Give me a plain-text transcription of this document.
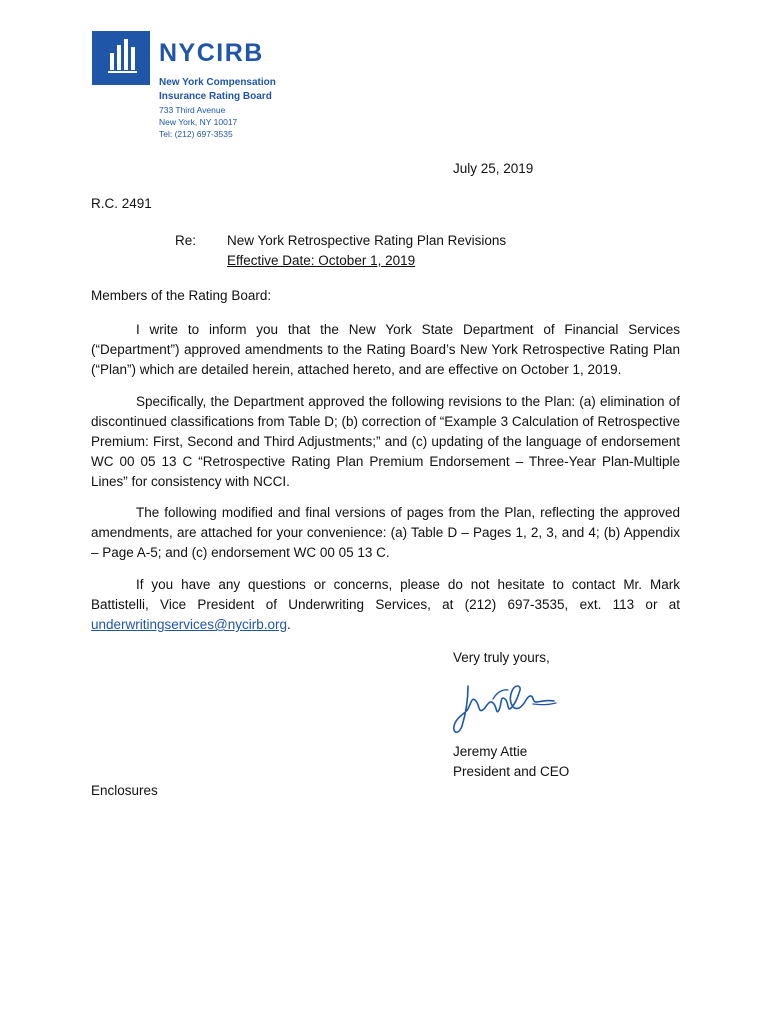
NYCIRB
New York Compensation
Insurance Rating Board
733 Third Avenue
New York, NY 10017
Tel: (212) 697-3535
July 25, 2019
R.C. 2491
Re: New York Retrospective Rating Plan Revisions
Effective Date: October 1, 2019
Members of the Rating Board:
I write to inform you that the New York State Department of Financial Services (“Department”) approved amendments to the Rating Board’s New York Retrospective Rating Plan (“Plan”) which are detailed herein, attached hereto, and are effective on October 1, 2019.
Specifically, the Department approved the following revisions to the Plan: (a) elimination of discontinued classifications from Table D; (b) correction of “Example 3 Calculation of Retrospective Premium: First, Second and Third Adjustments;” and (c) updating of the language of endorsement WC 00 05 13 C “Retrospective Rating Plan Premium Endorsement – Three-Year Plan-Multiple Lines” for consistency with NCCI.
The following modified and final versions of pages from the Plan, reflecting the approved amendments, are attached for your convenience: (a) Table D – Pages 1, 2, 3, and 4; (b) Appendix – Page A-5; and (c) endorsement WC 00 05 13 C.
If you have any questions or concerns, please do not hesitate to contact Mr. Mark Battistelli, Vice President of Underwriting Services, at (212) 697-3535, ext. 113 or at underwritingservices@nycirb.org.
Very truly yours,
Jeremy Attie
President and CEO
Enclosures
